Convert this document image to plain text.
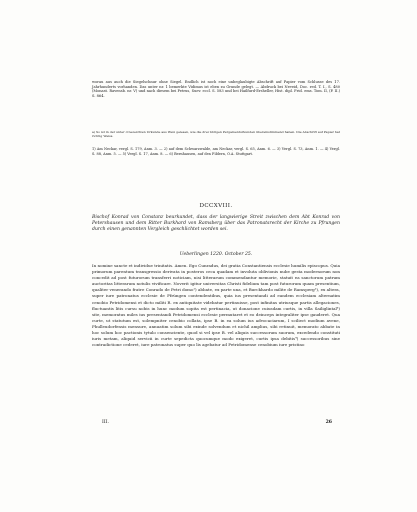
worau aus auch die Siegelschnur ohne Siegel. Endlich ist noch eine unbeglaubigte Abschrift auf Papier vom Schlusse des 17. Jahrhunderts vorhanden. Das unter nr. 1 bemerkte Vidimus ist eben zu Grunde gelegt. — Abdruck bei Neveid, Doc. red. T. I., S. 480 (Monast. Ravensb. nr. V) und nach diesem bei Petrus, Suev. eccl. S. 583 und bei Hailfurd-Ersheller, Hist. dipl. Frid. ems. Tom. II, (P. II.) S. 864.

a) So ist in der unter d bezeichten Urkunde aus Weiz gelesen, wie die drei übrigen Pergamenturkunden übereinstimmend haben. Die Abschrift auf Papier hat richtig Weiss.

1) Am Neckar, vergl. S. 179, Anm. 3. — 2) auf dem Schwarzwalde, am Neckar, vergl. S. 65, Anm. 6. — 3) Vergl. S. 73, Anm. 1. — 4) Vergl. S. 88, Anm. 5. — 5) Vergl. S. 17, Anm. 8. — 6) Bernhausen, auf den Fildern, O.A. Stuttgart.

DCCXVIII.

Bischof Konrad von Constanz beurkundet, dass der langwierige Streit zwischen dem Abt Konrad von Petershausen und dem Ritter Burkhard von Ramsberg über das Patronatsrecht der Kirche zu Pfrungen durch einen genannten Vergleich geschlichtet worden sei.

Ueberlingen 1220. October 25.

In nomine sancte et individue trinitatis. Amen. Ego Cunradus, dei gratia Constantiensis ecclesie humilis episcopus. Quia primorum parentum transgressio derivata in posteros ceca quadam et involuta oblivionis nube gesta modernorum non concedit ad post futurorum transferri noticiam, nisi litterarum commendantur memorie, statuit ea sanctorum patrum auctoritas litterarum notulis vivificare. Noverit igitur universitas Christi fidelium tam post futurorum quam presentium, qualiter venerando fratre Conrado de Petri domo¹) abbate, ex parte una, et Burckhardo milite de Ramsperg²), ex altera, super iure patronatus ecclesie de Pfrüngen contendentibus, quia ius presentandi ad eandem ecclesiam alternatim cenobio Petridomensi et dicto militi R. ex antiquitate videbatur pertinuisse, post infinitas utriusque partis allegaciones, fluctuantis litis cursu nobis in hunc modum sopita est pertinacia, ut donacione cuiusdam curtis, in villa Sailiglintal³) site, memoratus miles ius presentandi Petridomensi ecclesie permutaret et eo deinceps integraliter ipse gauderet. Qua curte, ut statutum est, solempniter cenobio collata, ipse B. in ea solum ius advocaciarum, I sciliect modium avene, Phulleudorfensis mensure, annuatim solum sibi exinde solvendum et nichil amplius, sibi retinuit, memorato abbate in hoc solum hoc pactionis tytulo consenciente, quod si vel ipse B. vel aliquis successorum suorum, excedendo constituti iuris metam, aliquid servicii in curte sepedicta quocumque modo exigeret, curtis ipsa debitis⁴) successoribus sine contradictione cederet, iure patronatus super quo lis agebatur ad Petridomense cenobium iure pristino

III.	26
